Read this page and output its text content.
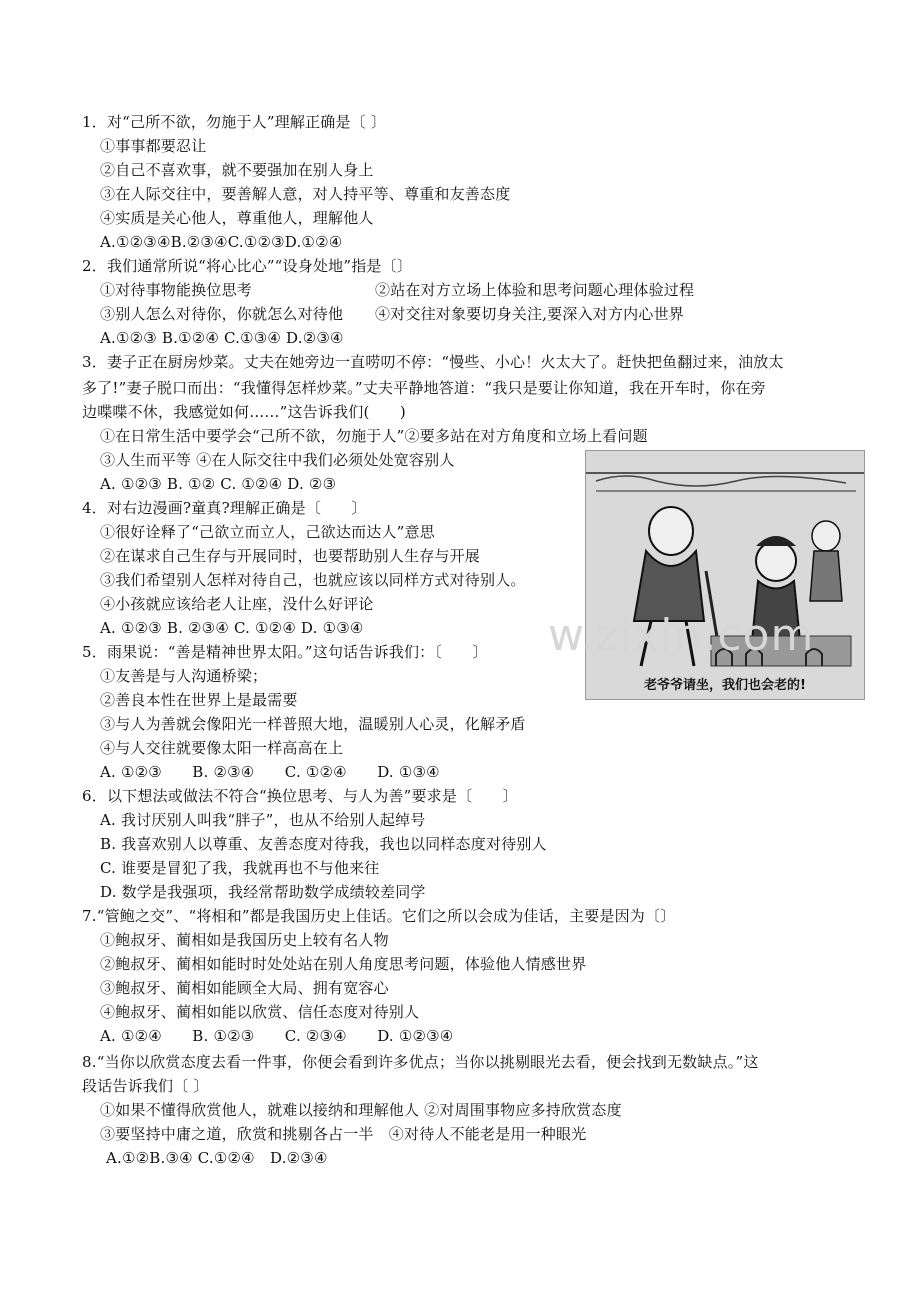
老爷爷请坐，我们也会老的!
w.zixin.com
1．对“己所不欲，勿施于人”理解正确是〔 〕
①事事都要忍让
②自己不喜欢事，就不要强加在别人身上
③在人际交往中，要善解人意，对人持平等、尊重和友善态度
④实质是关心他人，尊重他人，理解他人
A.①②③④B.②③④C.①②③D.①②④
2．我们通常所说“将心比心”“设身处地”指是〔〕
①对待事物能换位思考	②站在对方立场上体验和思考问题心理体验过程
③别人怎么对待你，你就怎么对待他 ④对交往对象要切身关注,要深入对方内心世界
A.①②③ B.①②④ C.①③④ D.②③④
3．妻子正在厨房炒菜。丈夫在她旁边一直唠叨不停：“慢些、小心！火太大了。赶快把鱼翻过来，油放太
多了!”妻子脱口而出：“我懂得怎样炒菜。”丈夫平静地答道：“我只是要让你知道，我在开车时，你在旁
边喋喋不休，我感觉如何……”这告诉我们(　　)
①在日常生活中要学会“己所不欲，勿施于人”②要多站在对方角度和立场上看问题
③人生而平等 ④在人际交往中我们必须处处宽容别人
A. ①②③ B. ①② C. ①②④ D. ②③
4．对右边漫画?童真?理解正确是〔　　〕
①很好诠释了“己欲立而立人，己欲达而达人”意思
②在谋求自己生存与开展同时，也要帮助别人生存与开展
③我们希望别人怎样对待自己，也就应该以同样方式对待别人。
④小孩就应该给老人让座，没什么好评论
A. ①②③ B. ②③④ C. ①②④ D. ①③④
5．雨果说：“善是精神世界太阳。”这句话告诉我们：〔　　〕
①友善是与人沟通桥梁；
②善良本性在世界上是最需要
③与人为善就会像阳光一样普照大地，温暖别人心灵，化解矛盾
④与人交往就要像太阳一样高高在上
A. ①②③　　B. ②③④　　C. ①②④　　D. ①③④
6．以下想法或做法不符合“换位思考、与人为善”要求是〔　　〕
A. 我讨厌别人叫我“胖子”，也从不给别人起绰号
B. 我喜欢别人以尊重、友善态度对待我，我也以同样态度对待别人
C. 谁要是冒犯了我，我就再也不与他来往
D. 数学是我强项，我经常帮助数学成绩较差同学
7.“管鲍之交”、“将相和”都是我国历史上佳话。它们之所以会成为佳话，主要是因为〔〕
①鲍叔牙、蔺相如是我国历史上较有名人物
②鲍叔牙、蔺相如能时时处处站在别人角度思考问题，体验他人情感世界
③鲍叔牙、蔺相如能顾全大局、拥有宽容心
④鲍叔牙、蔺相如能以欣赏、信任态度对待别人
A. ①②④　　B. ①②③　　C. ②③④　　D. ①②③④
8.“当你以欣赏态度去看一件事，你便会看到许多优点；当你以挑剔眼光去看，便会找到无数缺点。”这
段话告诉我们〔 〕
①如果不懂得欣赏他人，就难以接纳和理解他人 ②对周围事物应多持欣赏态度
③要坚持中庸之道，欣赏和挑剔各占一半　④对待人不能老是用一种眼光
A.①②B.③④ C.①②④　D.②③④
